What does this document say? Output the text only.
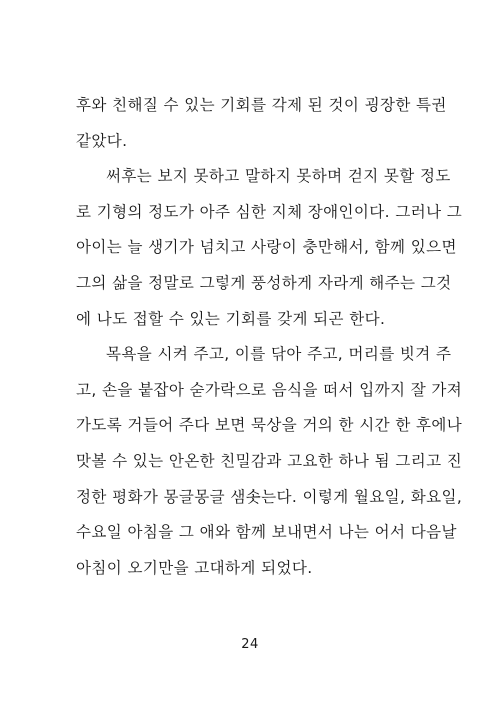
후와 친해질 수 있는 기회를 각제 된 것이 굉장한 특권
같았다.
써후는 보지 못하고 말하지 못하며 걷지 못할 정도
로 기형의 정도가 아주 심한 지체 장애인이다. 그러나 그
아이는 늘 생기가 넘치고 사랑이 충만해서, 함께 있으면
그의 삶을 정말로 그렇게 풍성하게 자라게 해주는 그것
에 나도 접할 수 있는 기회를 갖게 되곤 한다.
목욕을 시켜 주고, 이를 닦아 주고, 머리를 빗겨 주
고, 손을 붙잡아 숟가락으로 음식을 떠서 입까지 잘 가져
가도록 거들어 주다 보면 묵상을 거의 한 시간 한 후에나
맛볼 수 있는 안온한 친밀감과 고요한 하나 됨 그리고 진
정한 평화가 몽글몽글 샘솟는다. 이렇게 월요일, 화요일,
수요일 아침을 그 애와 함께 보내면서 나는 어서 다음날
아침이 오기만을 고대하게 되었다.
24
